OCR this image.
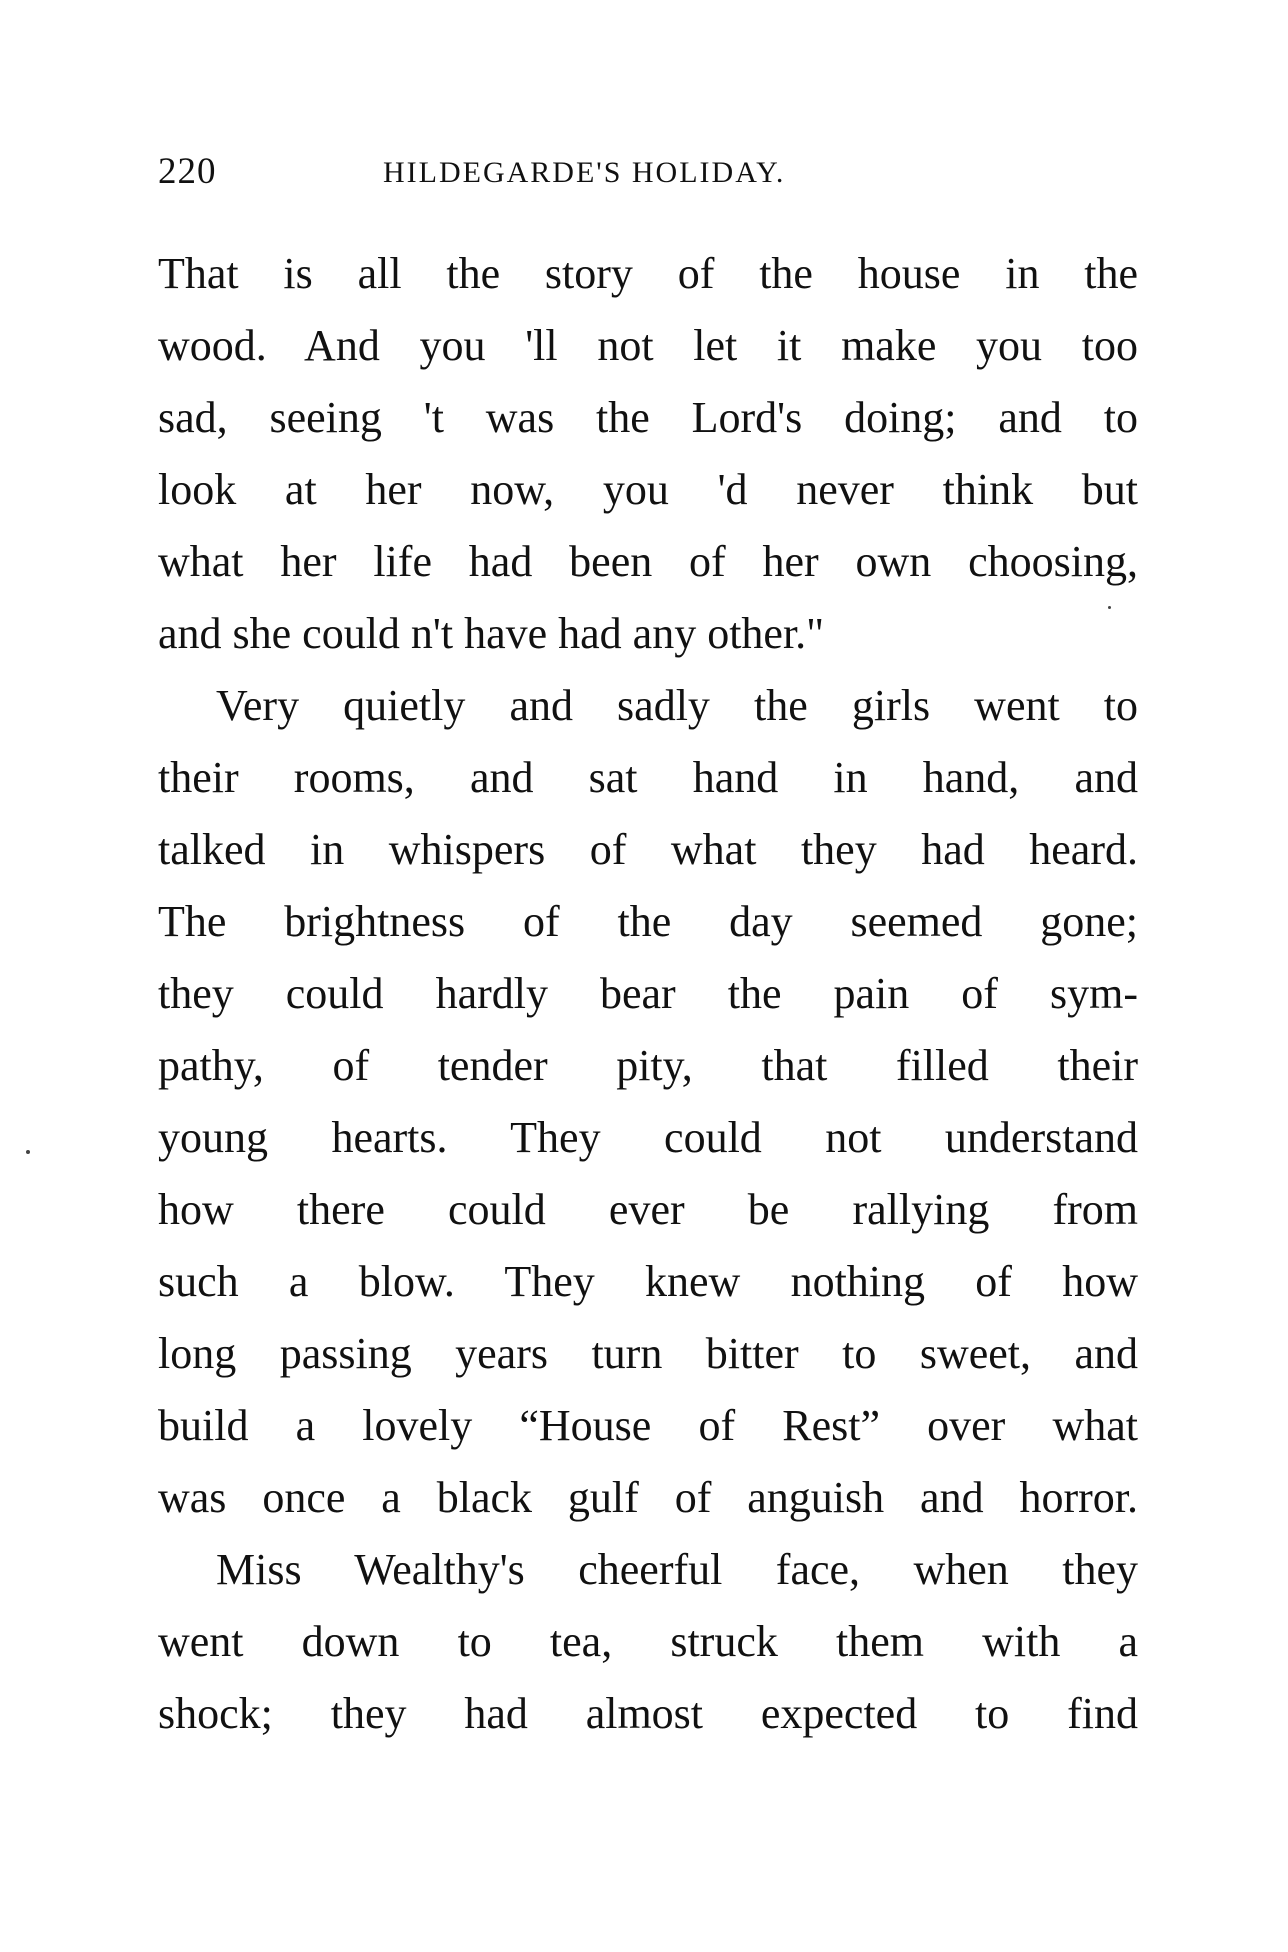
220	HILDEGARDE'S HOLIDAY.
That is all the story of the house in the
wood. And you 'll not let it make you too
sad, seeing 't was the Lord's doing; and to
look at her now, you 'd never think but
what her life had been of her own choosing,
and she could n't have had any other."
Very quietly and sadly the girls went to
their rooms, and sat hand in hand, and
talked in whispers of what they had heard.
The brightness of the day seemed gone;
they could hardly bear the pain of sym-
pathy, of tender pity, that filled their
young hearts. They could not understand
how there could ever be rallying from
such a blow. They knew nothing of how
long passing years turn bitter to sweet, and
build a lovely “House of Rest” over what
was once a black gulf of anguish and horror.
Miss Wealthy's cheerful face, when they
went down to tea, struck them with a
shock; they had almost expected to find
